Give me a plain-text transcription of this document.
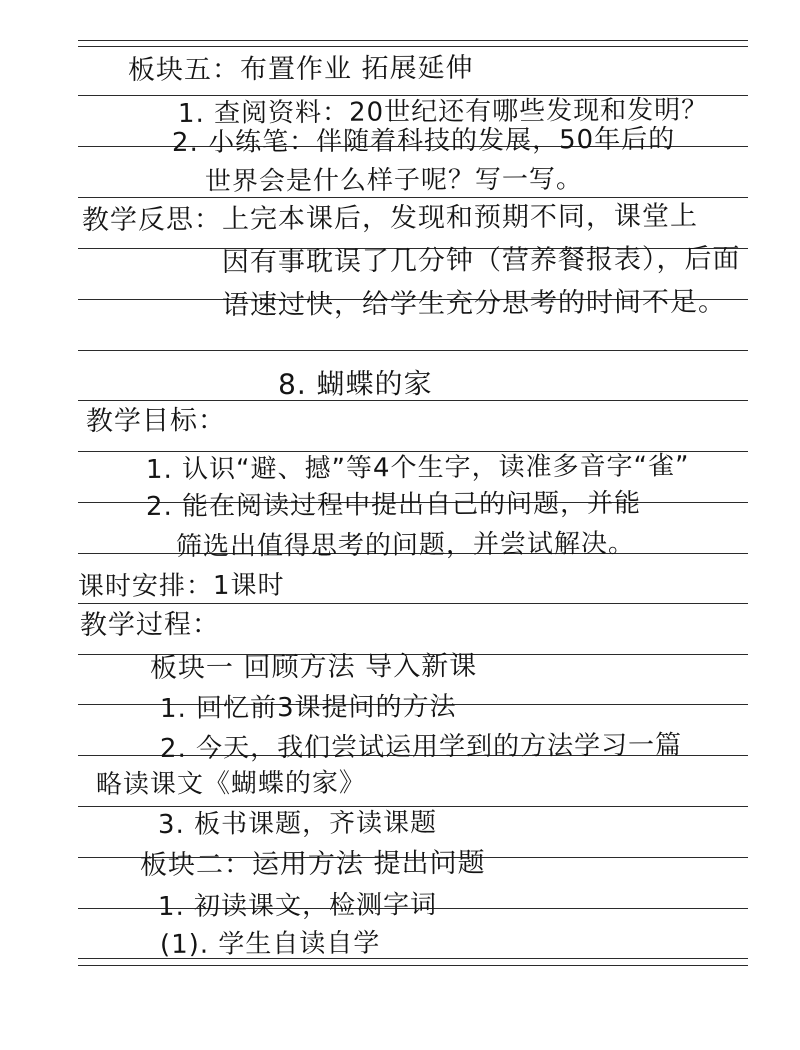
板块五：布置作业 拓展延伸
1. 查阅资料：20世纪还有哪些发现和发明？
2. 小练笔：伴随着科技的发展，50年后的
世界会是什么样子呢？写一写。
教学反思：上完本课后，发现和预期不同，课堂上
因有事耽误了几分钟（营养餐报表），后面
语速过快，给学生充分思考的时间不足。
8. 蝴蝶的家
教学目标：
1. 认识“避、撼”等4个生字，读准多音字“雀”
2. 能在阅读过程中提出自己的问题，并能
筛选出值得思考的问题，并尝试解决。
课时安排：1课时
教学过程：
板块一 回顾方法 导入新课
1. 回忆前3课提问的方法
2. 今天，我们尝试运用学到的方法学习一篇
略读课文《蝴蝶的家》
3. 板书课题，齐读课题
板块二：运用方法 提出问题
1. 初读课文，检测字词
(1). 学生自读自学
